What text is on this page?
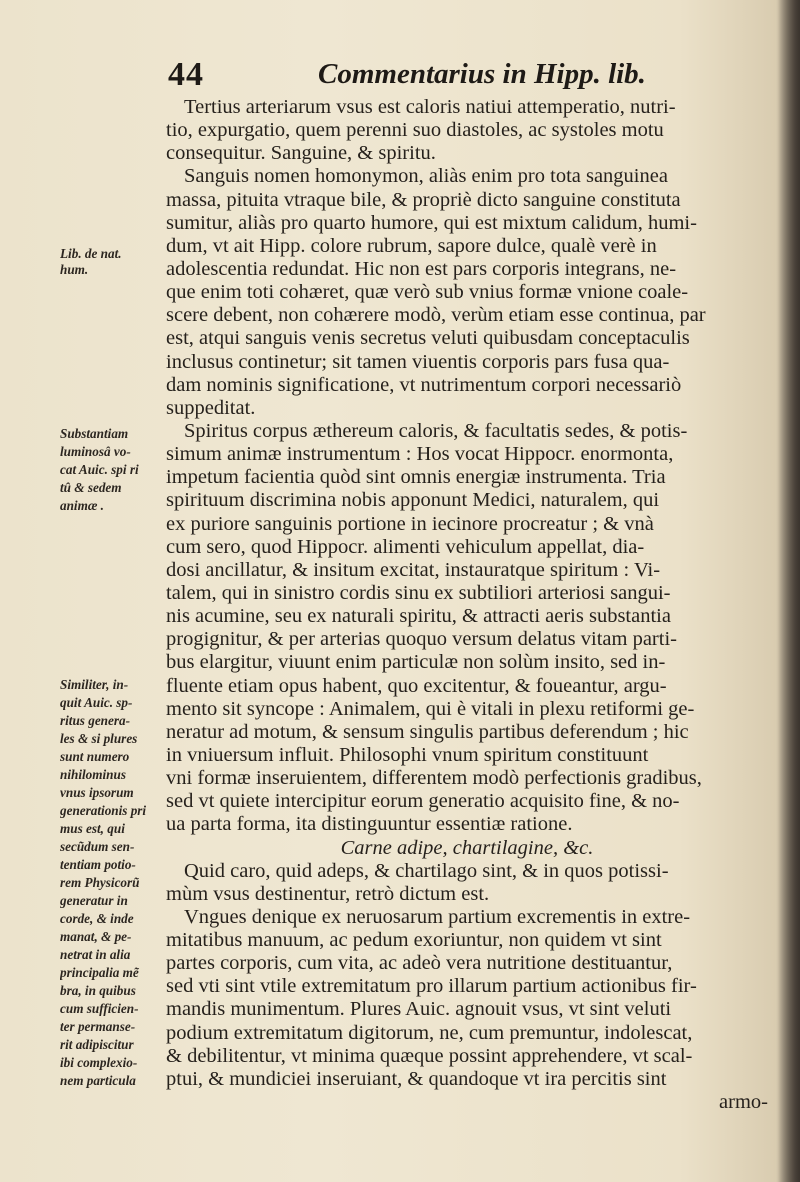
44	Commentarius in Hipp. lib.
Tertius arteriarum vsus est caloris natiui attemperatio, nutri-
tio, expurgatio, quem perenni suo diastoles, ac systoles motu
consequitur. Sanguine, & spiritu.
Sanguis nomen homonymon, aliàs enim pro tota sanguinea
massa, pituita vtraque bile, & propriè dicto sanguine constituta
sumitur, aliàs pro quarto humore, qui est mixtum calidum, humi-
dum, vt ait Hipp. colore rubrum, sapore dulce, qualè verè in
adolescentia redundat. Hic non est pars corporis integrans, ne-
que enim toti cohæret, quæ verò sub vnius formæ vnione coale-
scere debent, non cohærere modò, verùm etiam esse continua, par
est, atqui sanguis venis secretus veluti quibusdam conceptaculis
inclusus continetur; sit tamen viuentis corporis pars fusa qua-
dam nominis significatione, vt nutrimentum corpori necessariò
suppeditat.
Spiritus corpus æthereum caloris, & facultatis sedes, & potis-
simum animæ instrumentum : Hos vocat Hippocr. enormonta,
impetum facientia quòd sint omnis energiæ instrumenta. Tria
spirituum discrimina nobis apponunt Medici, naturalem, qui
ex puriore sanguinis portione in iecinore procreatur ; & vnà
cum sero, quod Hippocr. alimenti vehiculum appellat, dia-
dosi ancillatur, & insitum excitat, instauratque spiritum : Vi-
talem, qui in sinistro cordis sinu ex subtiliori arteriosi sangui-
nis acumine, seu ex naturali spiritu, & attracti aeris substantia
progignitur, & per arterias quoquo versum delatus vitam parti-
bus elargitur, viuunt enim particulæ non solùm insito, sed in-
fluente etiam opus habent, quo excitentur, & foueantur, argu-
mento sit syncope : Animalem, qui è vitali in plexu retiformi ge-
neratur ad motum, & sensum singulis partibus deferendum ; hic
in vniuersum influit. Philosophi vnum spiritum constituunt
vni formæ inseruientem, differentem modò perfectionis gradibus,
sed vt quiete intercipitur eorum generatio acquisito fine, & no-
ua parta forma, ita distinguuntur essentiæ ratione.
Carne adipe, chartilagine, &c.
Quid caro, quid adeps, & chartilago sint, & in quos potissi-
mùm vsus destinentur, retrò dictum est.
Vngues denique ex neruosarum partium excrementis in extre-
mitatibus manuum, ac pedum exoriuntur, non quidem vt sint
partes corporis, cum vita, ac adeò vera nutritione destituantur,
sed vti sint vtile extremitatum pro illarum partium actionibus fir-
mandis munimentum. Plures Auic. agnouit vsus, vt sint veluti
podium extremitatum digitorum, ne, cum premuntur, indolescat,
& debilitentur, vt minima quæque possint apprehendere, vt scal-
ptui, & mundiciei inseruiant, & quandoque vt ira percitis sint
armo-
Lib. de nat.
hum.
Substantiam
luminosâ vo-
cat Auic. spi ri
tû & sedem
animæ .
Similiter, in-
quit Auic. sp-
ritus genera-
les & si plures
sunt numero
nihilominus
vnus ipsorum
generationis pri
mus est, qui
secũdum sen-
tentiam potio-
rem Physicorũ
generatur in
corde, & inde
manat, & pe-
netrat in alia
principalia mẽ
bra, in quibus
cum sufficien-
ter permanse-
rit adipiscitur
ibi complexio-
nem particula
